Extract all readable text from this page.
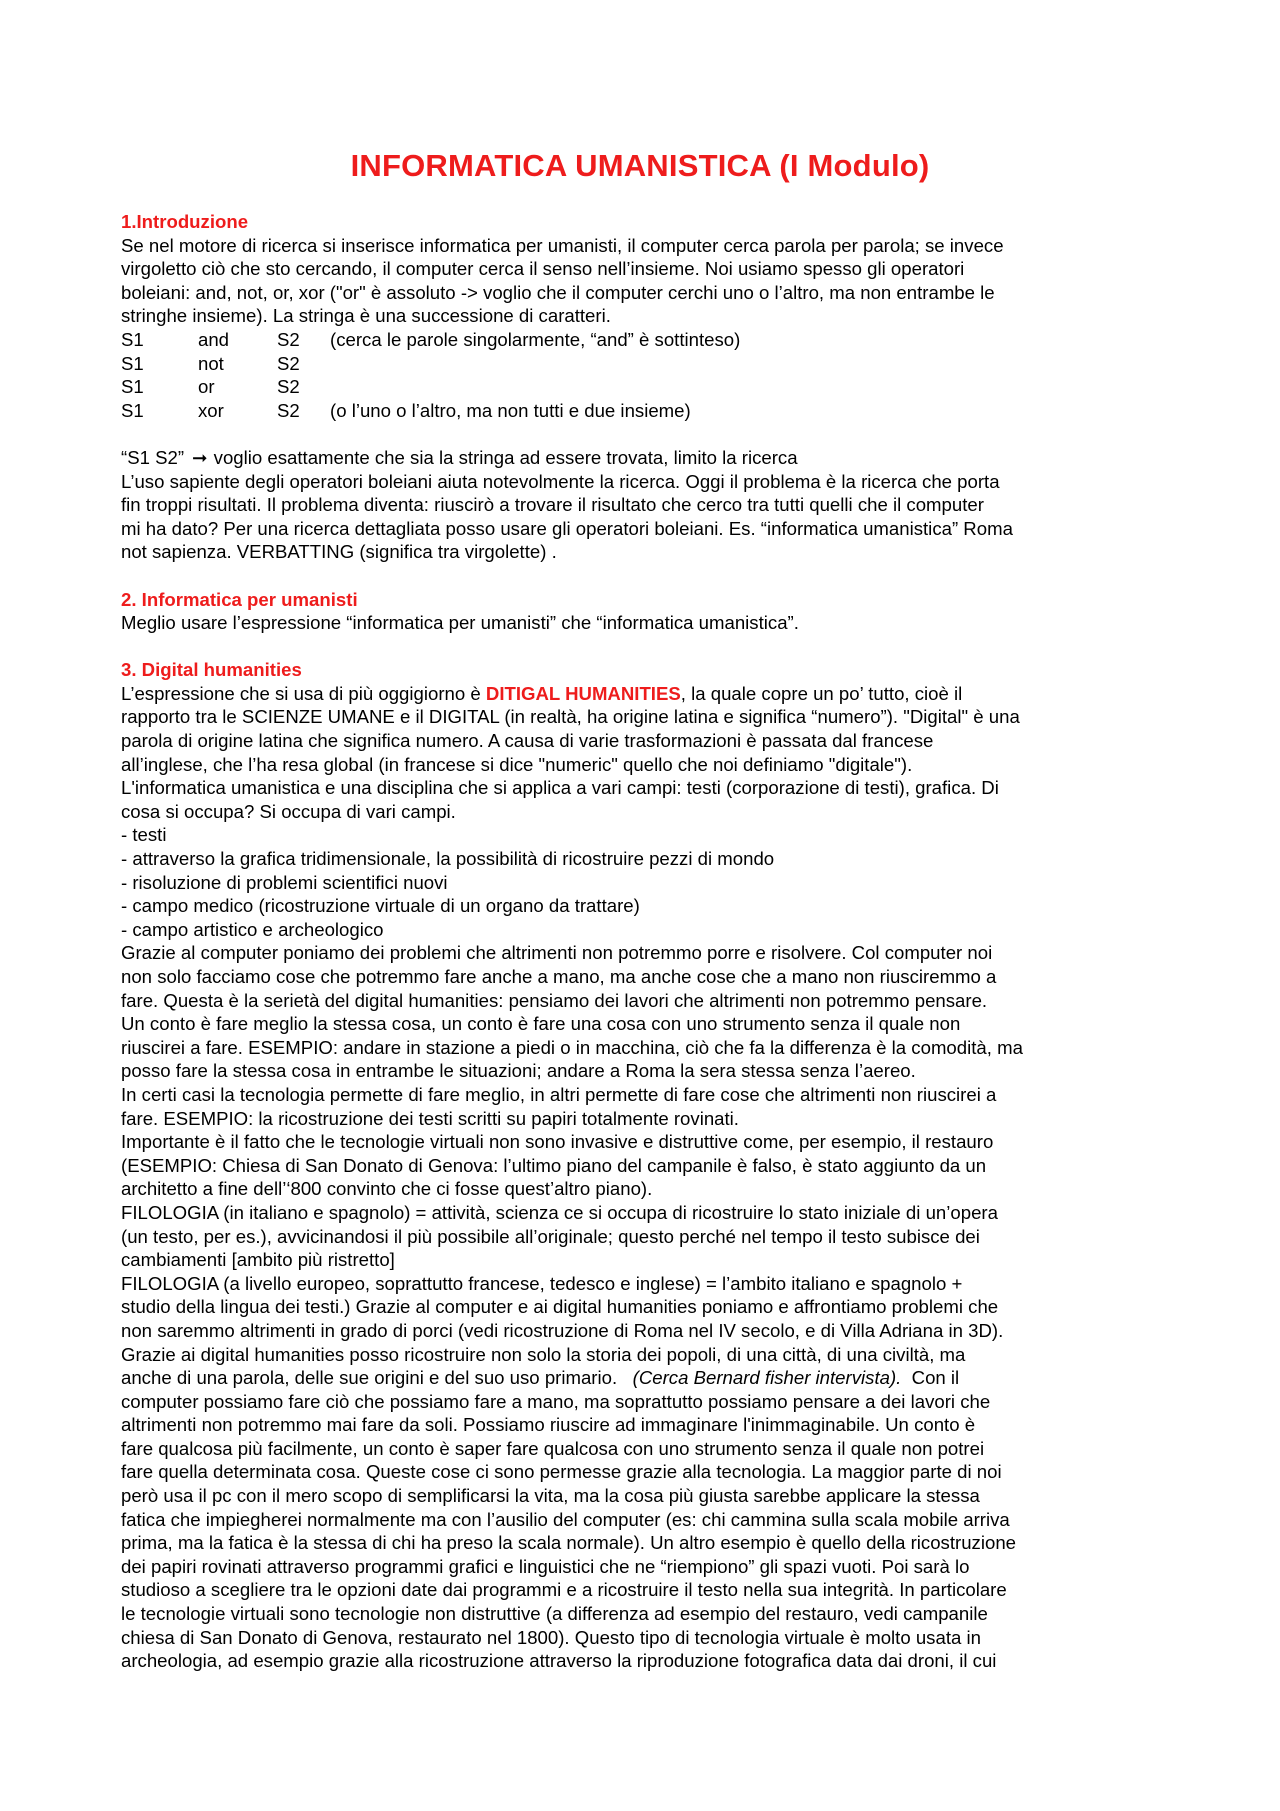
INFORMATICA UMANISTICA (I Modulo)
1.Introduzione
Se nel motore di ricerca si inserisce informatica per umanisti, il computer cerca parola per parola; se invece
virgoletto ciò che sto cercando, il computer cerca il senso nell’insieme. Noi usiamo spesso gli operatori
boleiani: and, not, or, xor ("or" è assoluto -> voglio che il computer cerchi uno o l’altro, ma non entrambe le
stringhe insieme). La stringa è una successione di caratteri.
S1	and	S2 (cerca le parole singolarmente, “and” è sottinteso)
S1	not	S2
S1	or	S2
S1	xor	S2 (o l’uno o l’altro, ma non tutti e due insieme)
“S1 S2” ➞ voglio esattamente che sia la stringa ad essere trovata, limito la ricerca
L’uso sapiente degli operatori boleiani aiuta notevolmente la ricerca. Oggi il problema è la ricerca che porta
fin troppi risultati. Il problema diventa: riuscirò a trovare il risultato che cerco tra tutti quelli che il computer
mi ha dato? Per una ricerca dettagliata posso usare gli operatori boleiani. Es. “informatica umanistica” Roma
not sapienza. VERBATTING (significa tra virgolette) .
2. Informatica per umanisti
Meglio usare l’espressione “informatica per umanisti” che “informatica umanistica”.
3. Digital humanities
L’espressione che si usa di più oggigiorno è DITIGAL HUMANITIES, la quale copre un po’ tutto, cioè il
rapporto tra le SCIENZE UMANE e il DIGITAL (in realtà, ha origine latina e significa “numero”). "Digital" è una
parola di origine latina che significa numero. A causa di varie trasformazioni è passata dal francese
all’inglese, che l’ha resa global (in francese si dice "numeric" quello che noi definiamo "digitale").
L'informatica umanistica e una disciplina che si applica a vari campi: testi (corporazione di testi), grafica. Di
cosa si occupa? Si occupa di vari campi.
- testi
- attraverso la grafica tridimensionale, la possibilità di ricostruire pezzi di mondo
- risoluzione di problemi scientifici nuovi
- campo medico (ricostruzione virtuale di un organo da trattare)
- campo artistico e archeologico
Grazie al computer poniamo dei problemi che altrimenti non potremmo porre e risolvere. Col computer noi
non solo facciamo cose che potremmo fare anche a mano, ma anche cose che a mano non riusciremmo a
fare. Questa è la serietà del digital humanities: pensiamo dei lavori che altrimenti non potremmo pensare.
Un conto è fare meglio la stessa cosa, un conto è fare una cosa con uno strumento senza il quale non
riuscirei a fare. ESEMPIO: andare in stazione a piedi o in macchina, ciò che fa la differenza è la comodità, ma
posso fare la stessa cosa in entrambe le situazioni; andare a Roma la sera stessa senza l’aereo.
In certi casi la tecnologia permette di fare meglio, in altri permette di fare cose che altrimenti non riuscirei a
fare. ESEMPIO: la ricostruzione dei testi scritti su papiri totalmente rovinati.
Importante è il fatto che le tecnologie virtuali non sono invasive e distruttive come, per esempio, il restauro
(ESEMPIO: Chiesa di San Donato di Genova: l’ultimo piano del campanile è falso, è stato aggiunto da un
architetto a fine dell’‘800 convinto che ci fosse quest’altro piano).
FILOLOGIA (in italiano e spagnolo) = attività, scienza ce si occupa di ricostruire lo stato iniziale di un’opera
(un testo, per es.), avvicinandosi il più possibile all’originale; questo perché nel tempo il testo subisce dei
cambiamenti [ambito più ristretto]
FILOLOGIA (a livello europeo, soprattutto francese, tedesco e inglese) = l’ambito italiano e spagnolo +
studio della lingua dei testi.) Grazie al computer e ai digital humanities poniamo e affrontiamo problemi che
non saremmo altrimenti in grado di porci (vedi ricostruzione di Roma nel IV secolo, e di Villa Adriana in 3D).
Grazie ai digital humanities posso ricostruire non solo la storia dei popoli, di una città, di una civiltà, ma
anche di una parola, delle sue origini e del suo uso primario.   (Cerca Bernard fisher intervista).  Con il
computer possiamo fare ciò che possiamo fare a mano, ma soprattutto possiamo pensare a dei lavori che
altrimenti non potremmo mai fare da soli. Possiamo riuscire ad immaginare l'inimmaginabile. Un conto è
fare qualcosa più facilmente, un conto è saper fare qualcosa con uno strumento senza il quale non potrei
fare quella determinata cosa. Queste cose ci sono permesse grazie alla tecnologia. La maggior parte di noi
però usa il pc con il mero scopo di semplificarsi la vita, ma la cosa più giusta sarebbe applicare la stessa
fatica che impiegherei normalmente ma con l’ausilio del computer (es: chi cammina sulla scala mobile arriva
prima, ma la fatica è la stessa di chi ha preso la scala normale). Un altro esempio è quello della ricostruzione
dei papiri rovinati attraverso programmi grafici e linguistici che ne “riempiono” gli spazi vuoti. Poi sarà lo
studioso a scegliere tra le opzioni date dai programmi e a ricostruire il testo nella sua integrità. In particolare
le tecnologie virtuali sono tecnologie non distruttive (a differenza ad esempio del restauro, vedi campanile
chiesa di San Donato di Genova, restaurato nel 1800). Questo tipo di tecnologia virtuale è molto usata in
archeologia, ad esempio grazie alla ricostruzione attraverso la riproduzione fotografica data dai droni, il cui
